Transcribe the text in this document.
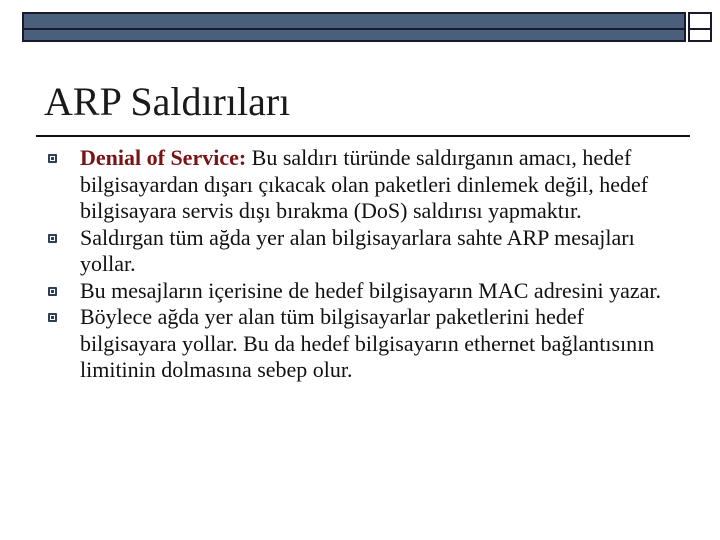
ARP Saldırıları
Denial of Service: Bu saldırı türünde saldırganın amacı, hedef bilgisayardan dışarı çıkacak olan paketleri dinlemek değil, hedef bilgisayara servis dışı bırakma (DoS) saldırısı yapmaktır.
Saldırgan tüm ağda yer alan bilgisayarlara sahte ARP mesajları yollar.
Bu mesajların içerisine de hedef bilgisayarın MAC adresini yazar.
Böylece ağda yer alan tüm bilgisayarlar paketlerini hedef bilgisayara yollar. Bu da hedef bilgisayarın ethernet bağlantısının limitinin dolmasına sebep olur.
